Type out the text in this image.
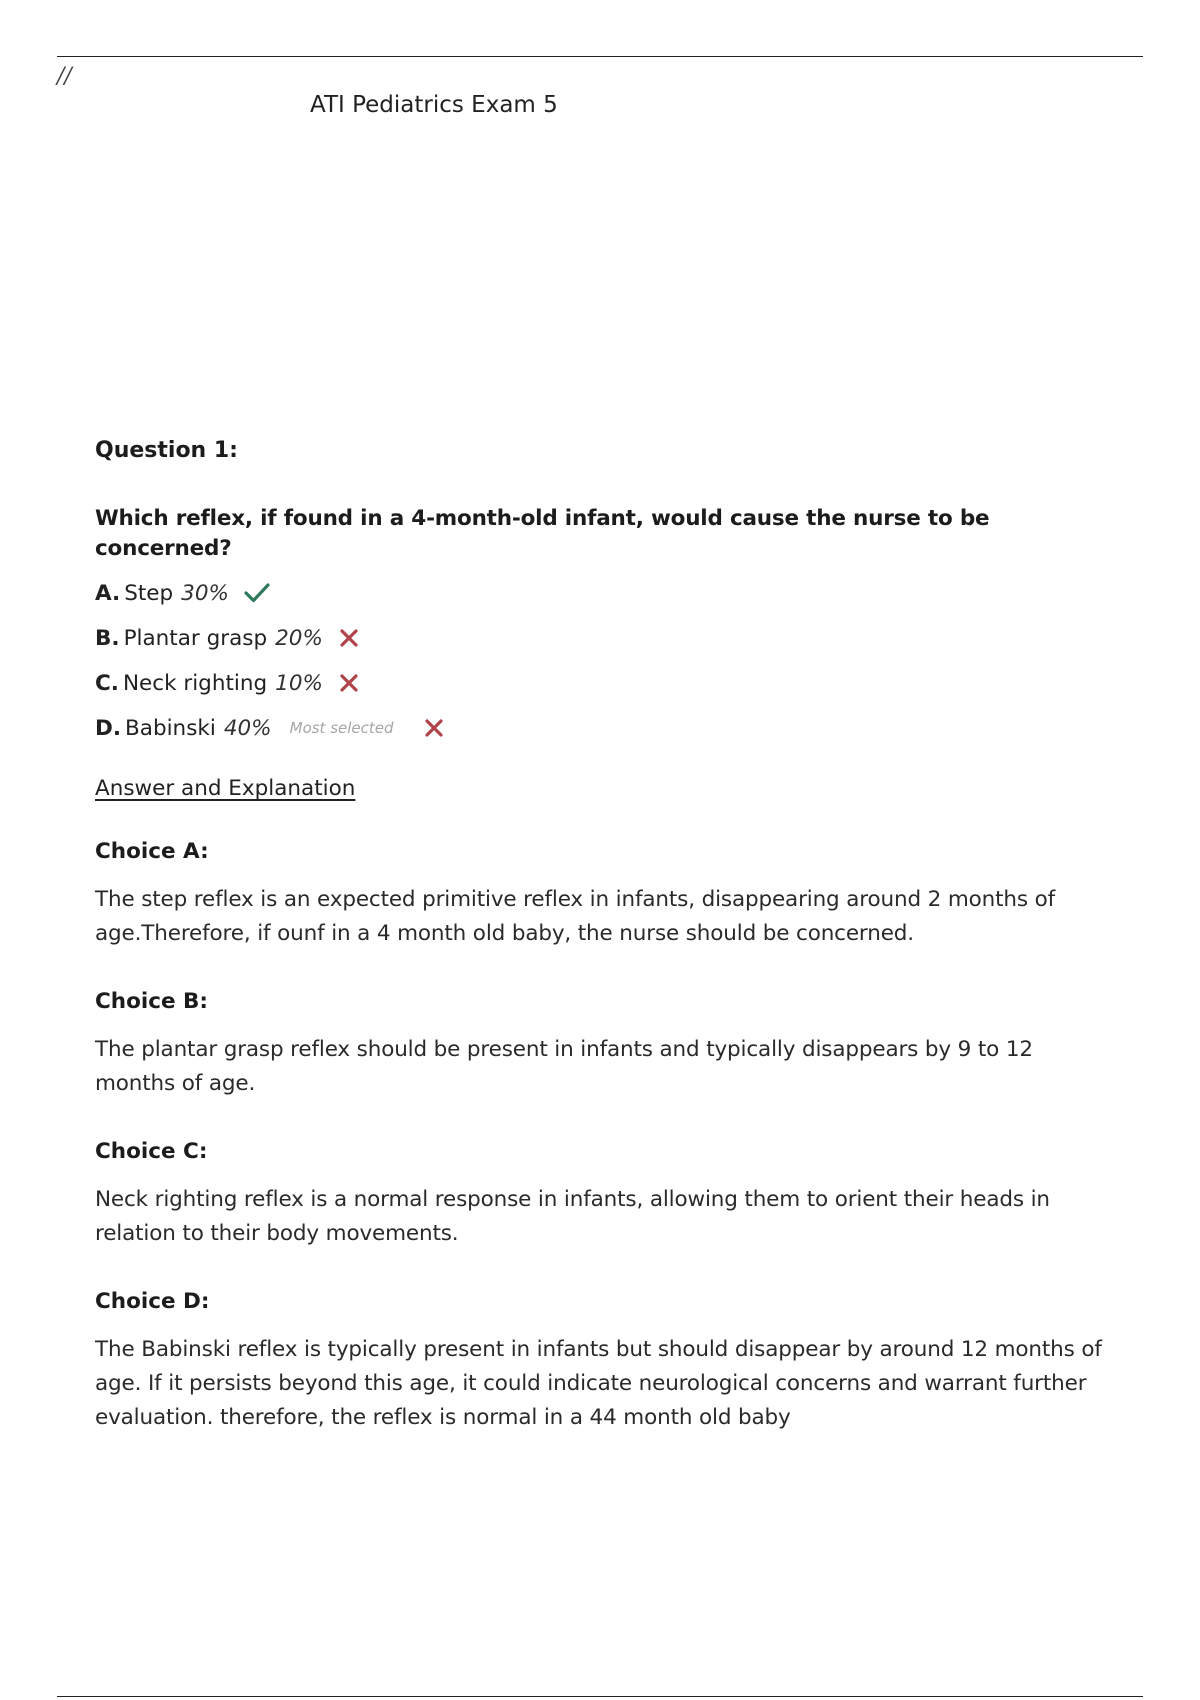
//
ATI Pediatrics Exam 5
Question 1:
Which reflex, if found in a 4-month-old infant, would cause the nurse to be concerned?
A. Step 30%
B. Plantar grasp 20%
C. Neck righting 10%
D. Babinski 40% Most selected
Answer and Explanation
Choice A:
The step reflex is an expected primitive reflex in infants, disappearing around 2 months of age.Therefore, if ounf in a 4 month old baby, the nurse should be concerned.
Choice B:
The plantar grasp reflex should be present in infants and typically disappears by 9 to 12 months of age.
Choice C:
Neck righting reflex is a normal response in infants, allowing them to orient their heads in relation to their body movements.
Choice D:
The Babinski reflex is typically present in infants but should disappear by around 12 months of age. If it persists beyond this age, it could indicate neurological concerns and warrant further evaluation. therefore, the reflex is normal in a 44 month old baby
